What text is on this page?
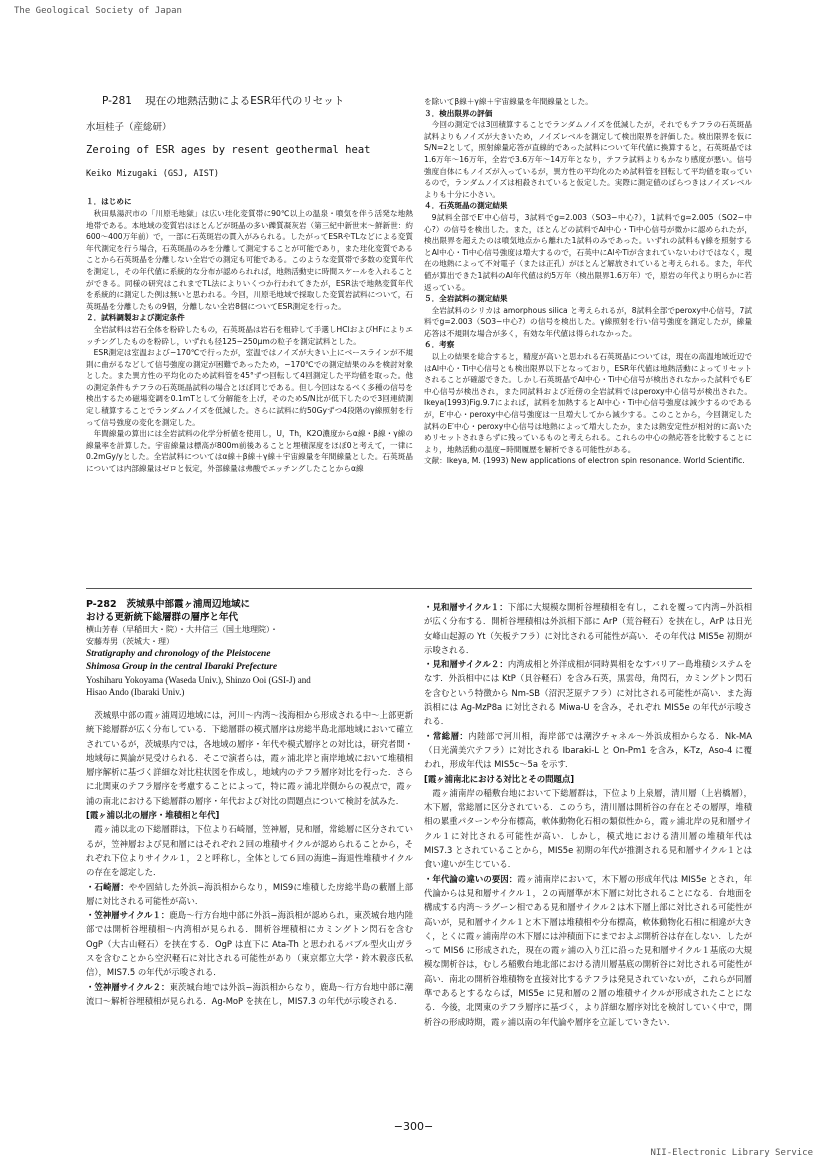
The Geological Society of Japan

P-281 現在の地熱活動によるESR年代のリセット

水垣桂子（産総研）

Zeroing of ESR ages by resent geothermal heat

Keiko Mizugaki (GSJ, AIST)

１．はじめに

秋田県湯沢市の「川原毛地獄」は広い珪化変質帯に90℃以上の温泉・噴気を伴う活発な地熱地帯である。本地域の変質岩はほとんどが斑晶の多い礫質凝灰岩（第三紀中新世末〜鮮新世：約600〜400万年前）で，一部に石英斑岩の貫入がみられる。したがってESRやTLなどによる変質年代測定を行う場合，石英斑晶のみを分離して測定することが可能であり，また珪化変質であることから石英斑晶を分離しない全岩での測定も可能である。このような変質帯で多数の変質年代を測定し，その年代値に系統的な分布が認められれば，地熱活動史に時間スケールを入れることができる。同様の研究はこれまでTL法によりいくつか行われてきたが，ESR法で地熱変質年代を系統的に測定した例は無いと思われる。今回，川原毛地域で採取した変質岩試料について，石英斑晶を分離したもの9個，分離しない全岩8個についてESR測定を行った。

２．試料調製および測定条件

全岩試料は岩石全体を粉砕したもの，石英斑晶は岩石を粗砕して手選しHClおよびHFによりエッチングしたものを粉砕し，いずれも径125−250μmの粒子を測定試料とした。

ESR測定は室温および−170℃で行ったが，室温ではノイズが大きい上にベースラインが不規則に曲がるなどして信号強度の測定が困難であったため，−170℃での測定結果のみを検討対象とした。また異方性の平均化のため試料管を45°ずつ回転して4回測定した平均値を取った。他の測定条件もテフラの石英斑晶試料の場合とほぼ同じである。但し今回はなるべく多種の信号を検出するため磁場変調を0.1mTとして分解能を上げ，そのためS/N比が低下したので3回連続測定し積算することでランダムノイズを低減した。さらに試料に約50Gyずつ4段階のγ線照射を行って信号強度の変化を測定した。

年間線量の算出には全岩試料の化学分析値を使用し，U，Th，K2O濃度からα線・β線・γ線の線量率を計算した。宇宙線量は標高が800m前後あることと埋積深度をほぼ0と考えて，一律に0.2mGy/yとした。全岩試料についてはα線＋β線＋γ線＋宇宙線量を年間線量とした。石英斑晶については内部線量はゼロと仮定，外部線量は弗酸でエッチングしたことからα線

を除いてβ線＋γ線＋宇宙線量を年間線量とした。

３．検出限界の評価

今回の測定では3回積算することでランダムノイズを低減したが，それでもテフラの石英斑晶試料よりもノイズが大きいため，ノイズレベルを測定して検出限界を評価した。検出限界を仮にS/N=2として，照射線量応答が直線的であった試料について年代値に換算すると，石英斑晶では1.6万年〜16万年，全岩で3.6万年〜14万年となり，テフラ試料よりもかなり感度が悪い。信号強度自体にもノイズが入っているが，異方性の平均化のため試料管を回転して平均値を取っているので，ランダムノイズは相殺されていると仮定した。実際に測定値のばらつきはノイズレベルよりも十分に小さい。

４．石英斑晶の測定結果

9試料全部でE′中心信号，3試料でg=2.003（SO3−中心?），1試料でg=2.005（SO2−中心?）の信号を検出した。また，ほとんどの試料でAl中心・Ti中心信号が微かに認められたが，検出限界を超えたのは噴気地点から離れた1試料のみであった。いずれの試料もγ線を照射するとAl中心・Ti中心信号強度は増大するので，石英中にAlやTiが含まれていないわけではなく，現在の地熱によって不対電子（または正孔）がほとんど解放されていると考えられる。また，年代値が算出できた1試料のAl年代値は約5万年（検出限界1.6万年）で，原岩の年代より明らかに若返っている。

５．全岩試料の測定結果

全岩試料のシリカは amorphous silica と考えられるが，8試料全部でperoxy中心信号，7試料でg=2.003（SO3−中心?）の信号を検出した。γ線照射を行い信号強度を測定したが，線量応答は不規則な場合が多く，有効な年代値は得られなかった。

６．考察

以上の結果を総合すると，精度が高いと思われる石英斑晶については，現在の高温地域近辺ではAl中心・Ti中心信号とも検出限界以下となっており，ESR年代値は地熱活動によってリセットされることが確認できた。しかし石英斑晶でAl中心・Ti中心信号が検出されなかった試料でもE′中心信号が検出され，また同試料および近傍の全岩試料ではperoxy中心信号が検出された。Ikeya(1993)Fig.9.7によれば，試料を加熱するとAl中心・Ti中心信号強度は減少するのであるが，E′中心・peroxy中心信号強度は一旦増大してから減少する。このことから，今回測定した試料のE′中心・peroxy中心信号は地熱によって増大したか，または熱安定性が相対的に高いためリセットされきらずに残っているものと考えられる。これらの中心の熱応答を比較することにより，地熱活動の温度−時間履歴を解析できる可能性がある。

文献：Ikeya, M. (1993) New applications of electron spin resonance. World Scientific.

P-282 茨城県中部霞ヶ浦周辺地域に

おける更新統下総層群の層序と年代

横山芳春（早稲田大・院）・大井信三（国土地理院）・

安藤寿男（茨城大・理）

Stratigraphy and chronology of the Pleistocene

Shimosa Group in the central Ibaraki Prefecture

Yoshiharu Yokoyama (Waseda Univ.), Shinzo Ooi (GSI-J) and

Hisao Ando (Ibaraki Univ.)

茨城県中部の霞ヶ浦周辺地域には，河川〜内湾〜浅海相から形成される中〜上部更新統下総層群が広く分布している．下総層群の模式層序は房総半島北部地域において確立されているが，茨城県内では，各地域の層序・年代や模式層序との対比は，研究者間・地域毎に異論が見受けられる．そこで演者らは，霞ヶ浦北岸と南岸地域において堆積相層序解析に基づく詳細な対比柱状図を作成し，地域内のテフラ層序対比を行った．さらに北関東のテフラ層序を考慮することによって，特に霞ヶ浦北岸側からの視点で，霞ヶ浦の南北における下総層群の層序・年代および対比の問題点について検討を試みた．

[霞ヶ浦以北の層序・堆積相と年代]

霞ヶ浦以北の下総層群は，下位より石崎層，笠神層，見和層，常総層に区分されているが，笠神層および見和層にはそれぞれ２回の堆積サイクルが認められることから，それぞれ下位よりサイクル１，２と呼称し，全体として６回の海進−海退性堆積サイクルの存在を認定した．

・石崎層：やや固結した外浜−海浜相からなり，MIS9に堆積した房総半島の藪層上部層に対比される可能性が高い．

・笠神層サイクル１：鹿島〜行方台地中部に外浜−海浜相が認められ，東茨城台地内陸部では開析谷埋積相〜内湾相が見られる．開析谷埋積相にカミングトン閃石を含む OgP（大古山軽石）を挟在する．OgP は直下に Ata-Th と思われるバブル型火山ガラスを含むことから空沢軽石に対比される可能性があり（東京都立大学・鈴木毅彦氏私信），MIS7.5 の年代が示唆される．

・笠神層サイクル２：東茨城台地では外浜−海浜相からなり，鹿島〜行方台地中部に潮流口〜解析谷埋積相が見られる．Ag-MoP を挟在し，MIS7.3 の年代が示唆される．

・見和層サイクル１：下部に大規模な開析谷埋積相を有し，これを覆って内湾−外浜相が広く分布する．開析谷埋積相は外浜相下部に ArP（荒谷軽石）を挟在し，ArP は日光女峰山起源の Yt（矢板テフラ）に対比される可能性が高い．その年代は MIS5e 初期が示唆される．

・見和層サイクル２：内湾成相と外洋成相が同時異相をなすバリアー島堆積システムをなす．外浜相中には KtP（貝谷軽石）を含み石英，黒雲母，角閃石，カミングトン閃石を含むという特徴から Nm-SB（沼沢芝原テフラ）に対比される可能性が高い．また海浜相には Ag-MzP8a に対比される Miwa-U を含み，それぞれ MIS5e の年代が示唆される．

・常総層：内陸部で河川相，海岸部では潮汐チャネル〜外浜成相からなる．Nk-MA（日光満美穴テフラ）に対比される Ibaraki-L と On-Pm1 を含み，K-Tz，Aso-4 に覆われ，形成年代は MIS5c〜5a を示す．

[霞ヶ浦南北における対比とその問題点]

霞ヶ浦南岸の稲敷台地において下総層群は，下位より上泉層，清川層（上岩橋層），木下層，常総層に区分されている．このうち，清川層は開析谷の存在とその層厚，堆積相の累重パターンや分布標高，軟体動物化石相の類似性から，霞ヶ浦北岸の見和層サイクル１に対比される可能性が高い．しかし，模式地における清川層の堆積年代は MIS7.3 とされていることから，MIS5e 初期の年代が推測される見和層サイクル１とは食い違いが生じている．

・年代論の違いの要因：霞ヶ浦南岸において，木下層の形成年代は MIS5e とされ，年代論からは見和層サイクル１，２の両層準が木下層に対比されることになる．台地面を構成する内湾〜ラグーン相である見和層サイクル２は木下層上部に対比される可能性が高いが，見和層サイクル１と木下層は堆積相や分布標高，軟体動物化石相に相違が大きく，とくに霞ヶ浦南岸の木下層には沖積面下にまでおよぶ開析谷は存在しない．したがって MIS6 に形成された，現在の霞ヶ浦の入り江に沿った見和層サイクル１基底の大規模な開析谷は，むしろ稲敷台地北部における清川層基底の開析谷に対比される可能性が高い．南北の開析谷堆積物を直接対比するテフラは発見されていないが，これらが同層準であるとするならば，MIS5e に見和層の２層の堆積サイクルが形成されたことになる．今後，北関東のテフラ層序に基づく，より詳細な層序対比を検討していく中で，開析谷の形成時期，霞ヶ浦以南の年代論や層序を立証していきたい．

−300−
NII-Electronic Library Service
